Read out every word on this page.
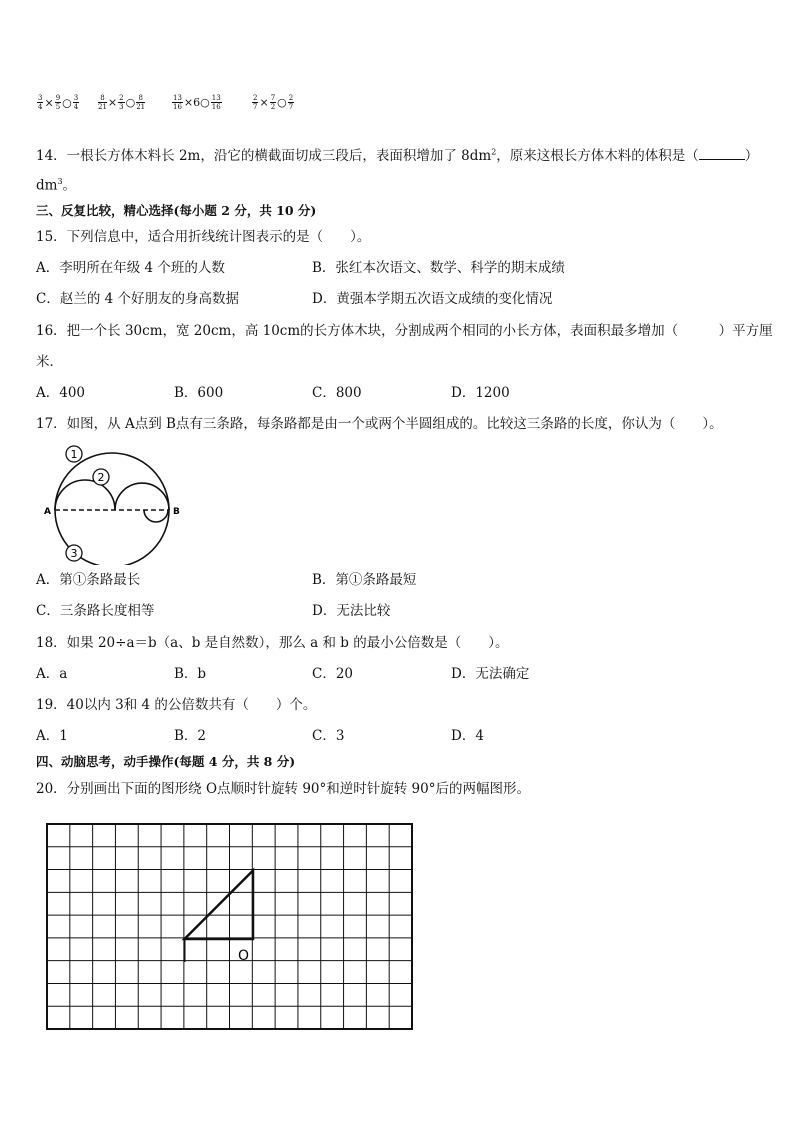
$\frac{3}{4} \times \frac{9}{5}$ ○ $\frac{3}{4}$	$\frac{8}{21} \times \frac{2}{3}$ ○ $\frac{8}{21}$	$\frac{13}{16}$ ×6○ $\frac{13}{16}$	$\frac{2}{7} \times \frac{7}{2}$ ○ $\frac{2}{7}$
14．一根长方体木料长 2m，沿它的横截面切成三段后，表面积增加了 $8dm^2$，原来这根长方体木料的体积是（	）
$dm^3$。
三、反复比较，精心选择(每小题 2 分，共 10 分)
15．下列信息中，适合用折线统计图表示的是（　　）。
A．李明所在年级 4 个班的人数	B．张红本次语文、数学、科学的期末成绩
C．赵兰的 4 个好朋友的身高数据	D．黄强本学期五次语文成绩的变化情况
16．把一个长 30cm，宽 20cm，高 10cm的长方体木块，分割成两个相同的小长方体，表面积最多增加（　　　）平方厘
米．
A．400	B．600	C．800	D．1200
17．如图，从 A点到 B点有三条路，每条路都是由一个或两个半圆组成的。比较这三条路的长度，你认为（　　）。
1
2
3
A	B
A．第①条路最长	B．第①条路最短
C．三条路长度相等	D．无法比较
18．如果 20÷a＝b（a、b 是自然数），那么 a 和 b 的最小公倍数是（　　）。
A．a	B．b	C．20	D．无法确定
19．40以内 3和 4 的公倍数共有（　　）个。
A．1	B．2	C．3	D．4
四、动脑思考，动手操作(每题 4 分，共 8 分)
20．分别画出下面的图形绕 O点顺时针旋转 90°和逆时针旋转 90°后的两幅图形。
O
